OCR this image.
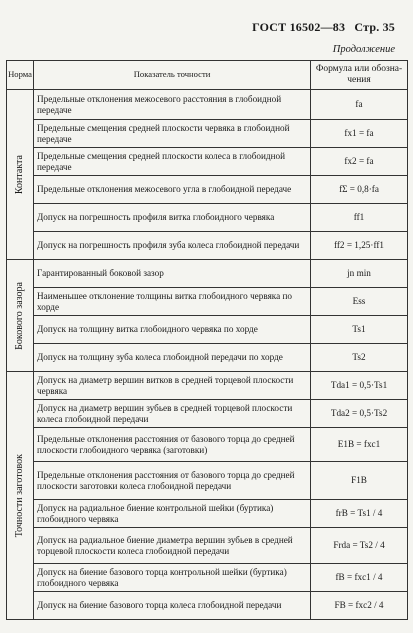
ГОСТ 16502—83 Стр. 35
Продолжение
Норма	Показатель точности	Формула или обозна- чения

Контакта	Предельные отклонения межосевого расстояния в глобоидной передаче	fa
	Предельные смещения средней плоскости червяка в глобоидной передаче	fx1 = fa
	Предельные смещения средней плоскости колеса в глобоидной передаче	fx2 = fa
	Предельные отклонения межосевого угла в глобоидной передаче	fΣ = 0,8·fa
	Допуск на погрешность профиля витка глобоидного червяка	ff1
	Допуск на погрешность профиля зуба колеса глобоидной передачи	ff2 = 1,25·ff1

Бокового зазора	Гарантированный боковой зазор	jn min
	Наименьшее отклонение толщины витка глобоидного червяка по хорде	Ess
	Допуск на толщину витка глобоидного червяка по хорде	Ts1
	Допуск на толщину зуба колеса глобоидной передачи по хорде	Ts2

Точности заготовок	Допуск на диаметр вершин витков в средней торцевой плоскости червяка	Tda1 = 0,5·Ts1
	Допуск на диаметр вершин зубьев в средней торцевой плоскости колеса глобоидной передачи	Tda2 = 0,5·Ts2
	Предельные отклонения расстояния от базового торца до средней плоскости глобоидного червяка (заготовки)	E1B = fxc1
	Предельные отклонения расстояния от базового торца до средней плоскости заготовки колеса глобоидной передачи	F1B
	Допуск на радиальное биение контрольной шейки (буртика) глобоидного червяка	frB = Ts1 / 4
	Допуск на радиальное биение диаметра вершин зубьев в средней торцевой плоскости колеса глобоидной передачи	Frda = Ts2 / 4
	Допуск на биение базового торца контрольной шейки (буртика) глобоидного червяка	fB = fxc1 / 4
	Допуск на биение базового торца колеса глобоидной передачи	FB = fxc2 / 4
